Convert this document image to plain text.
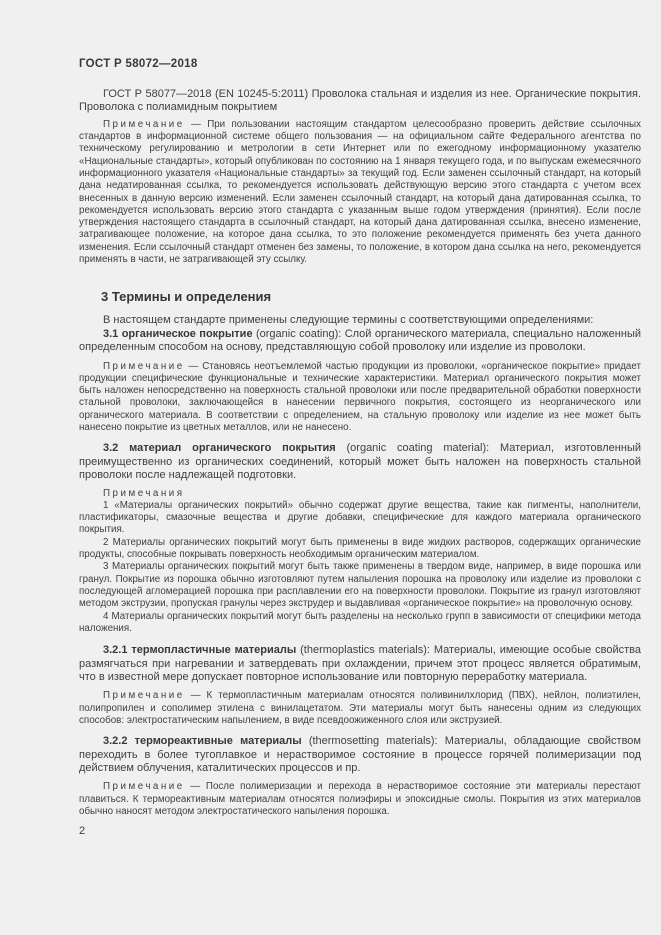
ГОСТ Р 58072—2018

ГОСТ Р 58077—2018 (EN 10245-5:2011) Проволока стальная и изделия из нее. Органические покрытия. Проволока с полиамидным покрытием

Примечание — При пользовании настоящим стандартом целесообразно проверить действие ссылочных стандартов в информационной системе общего пользования — на официальном сайте Федерального агентства по техническому регулированию и метрологии в сети Интернет или по ежегодному информационному указателю «Национальные стандарты», который опубликован по состоянию на 1 января текущего года, и по выпускам ежемесячного информационного указателя «Национальные стандарты» за текущий год. Если заменен ссылочный стандарт, на который дана недатированная ссылка, то рекомендуется использовать действующую версию этого стандарта с учетом всех внесенных в данную версию изменений. Если заменен ссылочный стандарт, на который дана датированная ссылка, то рекомендуется использовать версию этого стандарта с указанным выше годом утверждения (принятия). Если после утверждения настоящего стандарта в ссылочный стандарт, на который дана датированная ссылка, внесено изменение, затрагивающее положение, на которое дана ссылка, то это положение рекомендуется применять без учета данного изменения. Если ссылочный стандарт отменен без замены, то положение, в котором дана ссылка на него, рекомендуется применять в части, не затрагивающей эту ссылку.

3 Термины и определения

В настоящем стандарте применены следующие термины с соответствующими определениями:

3.1 органическое покрытие (organic coating): Слой органического материала, специально наложенный определенным способом на основу, представляющую собой проволоку или изделие из проволоки.

Примечание — Становясь неотъемлемой частью продукции из проволоки, «органическое покрытие» придает продукции специфические функциональные и технические характеристики. Материал органического покрытия может быть наложен непосредственно на поверхность стальной проволоки или после предварительной обработки поверхности стальной проволоки, заключающейся в нанесении первичного покрытия, состоящего из неорганического или органического материала. В соответствии с определением, на стальную проволоку или изделие из нее может быть нанесено покрытие из цветных металлов, или не нанесено.

3.2 материал органического покрытия (organic coating material): Материал, изготовленный преимущественно из органических соединений, который может быть наложен на поверхность стальной проволоки после надлежащей подготовки.

Примечания

1 «Материалы органических покрытий» обычно содержат другие вещества, такие как пигменты, наполнители, пластификаторы, смазочные вещества и другие добавки, специфические для каждого материала органического покрытия.

2 Материалы органических покрытий могут быть применены в виде жидких растворов, содержащих органические продукты, способные покрывать поверхность необходимым органическим материалом.

3 Материалы органических покрытий могут быть также применены в твердом виде, например, в виде порошка или гранул. Покрытие из порошка обычно изготовляют путем напыления порошка на проволоку или изделие из проволоки с последующей агломерацией порошка при расплавлении его на поверхности проволоки. Покрытие из гранул изготовляют методом экструзии, пропуская гранулы через экструдер и выдавливая «органическое покрытие» на проволочную основу.

4 Материалы органических покрытий могут быть разделены на несколько групп в зависимости от специфики метода наложения.

3.2.1 термопластичные материалы (thermoplastics materials): Материалы, имеющие особые свойства размягчаться при нагревании и затвердевать при охлаждении, причем этот процесс является обратимым, что в известной мере допускает повторное использование или повторную переработку материала.

Примечание — К термопластичным материалам относятся поливинилхлорид (ПВХ), нейлон, полиэтилен, полипропилен и сополимер этилена с винилацетатом. Эти материалы могут быть нанесены одним из следующих способов: электростатическим напылением, в виде псевдоожиженного слоя или экструзией.

3.2.2 термореактивные материалы (thermosetting materials): Материалы, обладающие свойством переходить в более тугоплавкое и нерастворимое состояние в процессе горячей полимеризации под действием облучения, каталитических процессов и пр.

Примечание — После полимеризации и перехода в нерастворимое состояние эти материалы перестают плавиться. К термореактивным материалам относятся полиэфиры и эпоксидные смолы. Покрытия из этих материалов обычно наносят методом электростатического напыления порошка.

2
